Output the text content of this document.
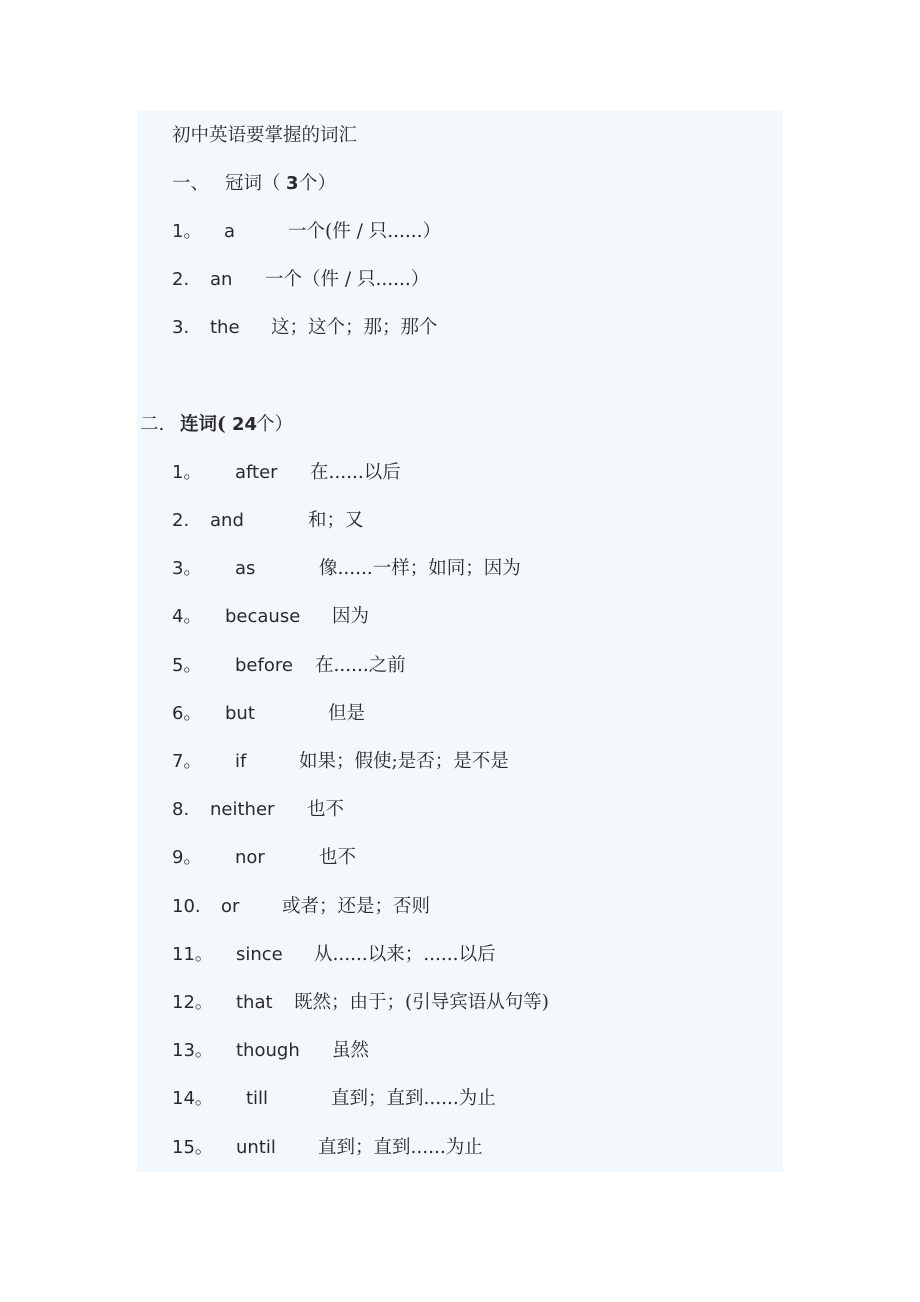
初中英语要掌握的词汇
一、 冠词（ 3 个）
1。 a	一个(件 / 只......）
2. an 一个（件 / 只......）
3. the 这；这个；那；那个
二. 连词( 24
个）
1。 after 在......以后
2. and	和；又
3。 as	像......一样；如同；因为
4。 because 因为
5。 before 在......之前
6。 but	但是
7。 if	如果；假使;是否；是不是
8. neither 也不
9。 nor	也不
10. or 或者；还是；否则
11。 since 从......以来；......以后
12。 that 既然；由于；(引导宾语从句等)
13。 though 虽然
14。 till	直到；直到......为止
15。 until 直到；直到......为止
